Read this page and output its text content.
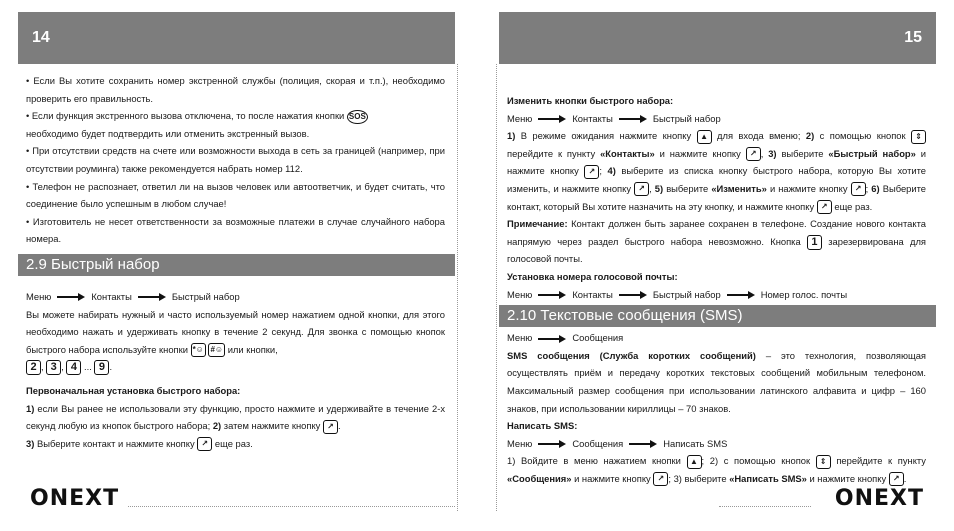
14
• Если Вы хотите сохранить номер экстренной службы (полиция, скорая и т.п.), необходимо проверить его правильность.
• Если функция экстренного вызова отключена, то после нажатия кнопки SOS
необходимо будет подтвердить или отменить экстренный вызов.
• При отсутствии средств на счете или возможности выхода в сеть за границей (например, при отсутствии роуминга) также рекомендуется набрать номер 112.
• Телефон не распознает, ответил ли на вызов человек или автоответчик, и будет считать, что соединение было успешным в любом случае!
• Изготовитель не несет ответственности за возможные платежи в случае случайного набора номера.
2.9 Быстрый набор
Меню	Контакты	Быстрый набор
Вы можете набирать нужный и часто используемый номер нажатием одной кнопки, для этого необходимо нажать и удерживать кнопку в течение 2 секунд. Для звонка с помощью кнопок быстрого набора используйте кнопки *☺ #☺ или кнопки,
2 , 3 , 4 ... 9 .
Первоначальная установка быстрого набора:
1) если Вы ранее не использовали эту функцию, просто нажмите и удерживайте в течение 2-х секунд любую из кнопок быстрого набора; 2) затем нажмите кнопку ↗ .
3) Выберите контакт и нажмите кнопку ↗ еще раз.
ONEXT
15
Изменить кнопки быстрого набора:
Меню	Контакты	Быстрый набор
1) В режиме ожидания нажмите кнопку ▲ для входа вменю; 2) с помощью кнопок ⇕ перейдите к пункту «Контакты» и нажмите кнопку ↗ , 3) выберите «Быстрый набор» и нажмите кнопку ↗ ; 4) выберите из списка кнопку быстрого набора, которую Вы хотите изменить, и нажмите кнопку ↗ , 5) выберите «Изменить» и нажмите кнопку ↗ ; 6) Выберите контакт, который Вы хотите назначить на эту кнопку, и нажмите кнопку ↗ еще раз.
Примечание: Контакт должен быть заранее сохранен в телефоне. Создание нового контакта напрямую через раздел быстрого набора невозможно. Кнопка 1 зарезервирована для голосовой почты.
Установка номера голосовой почты:
Меню	Контакты	Быстрый набор	Номер голос. почты
2.10 Текстовые сообщения (SMS)
Меню	Сообщения
SMS сообщения (Служба коротких сообщений) – это технология, позволяющая осуществлять приём и передачу коротких текстовых сообщений мобильным телефоном. Максимальный размер сообщения при использовании латинского алфавита и цифр – 160 знаков, при использовании кириллицы – 70 знаков.
Написать SMS:
Меню	Сообщения	Написать SMS
1) Войдите в меню нажатием кнопки ▲ ; 2) с помощью кнопок ⇕ перейдите к пункту «Сообщения» и нажмите кнопку ↗ ; 3) выберите «Написать SMS» и нажмите кнопку ↗ .
ONEXT
